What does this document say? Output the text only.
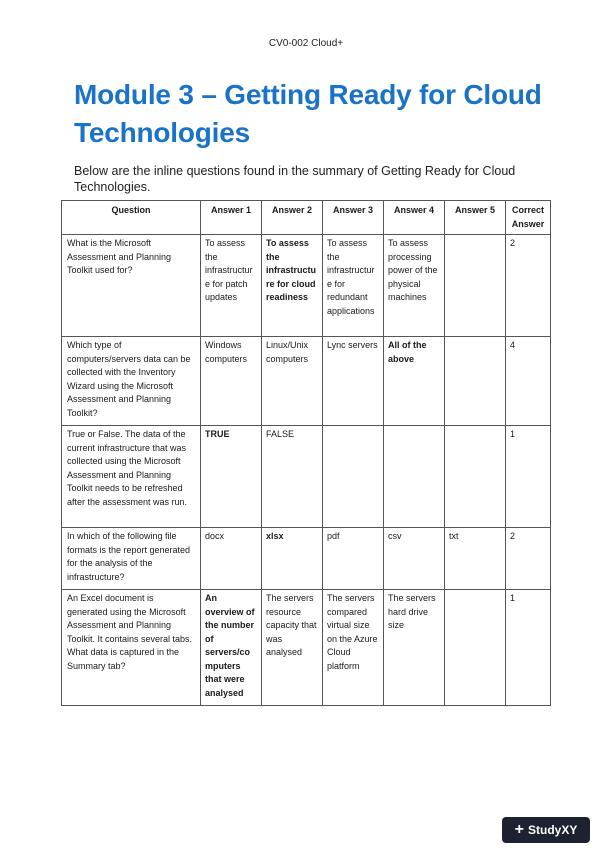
CV0-002 Cloud+
Module 3 – Getting Ready for Cloud Technologies
Below are the inline questions found in the summary of Getting Ready for Cloud Technologies.
Question	Answer 1	Answer 2	Answer 3	Answer 4	Answer 5	Correct Answer
What is the Microsoft Assessment and Planning Toolkit used for?	To assess the infrastructure for patch updates	To assess the infrastructure for cloud readiness	To assess the infrastructure for redundant applications	To assess processing power of the physical machines		2
Which type of computers/servers data can be collected with the Inventory Wizard using the Microsoft Assessment and Planning Toolkit?	Windows computers	Linux/Unix computers	Lync servers	All of the above		4
True or False. The data of the current infrastructure that was collected using the Microsoft Assessment and Planning Toolkit needs to be refreshed after the assessment was run.	TRUE	FALSE				1
In which of the following file formats is the report generated for the analysis of the infrastructure?	docx	xlsx	pdf	csv	txt	2
An Excel document is generated using the Microsoft Assessment and Planning Toolkit. It contains several tabs. What data is captured in the Summary tab?	An overview of the number of servers/computers that were analysed	The servers resource capacity that was analysed	The servers compared virtual size on the Azure Cloud platform	The servers hard drive size		1
+ StudyXY
